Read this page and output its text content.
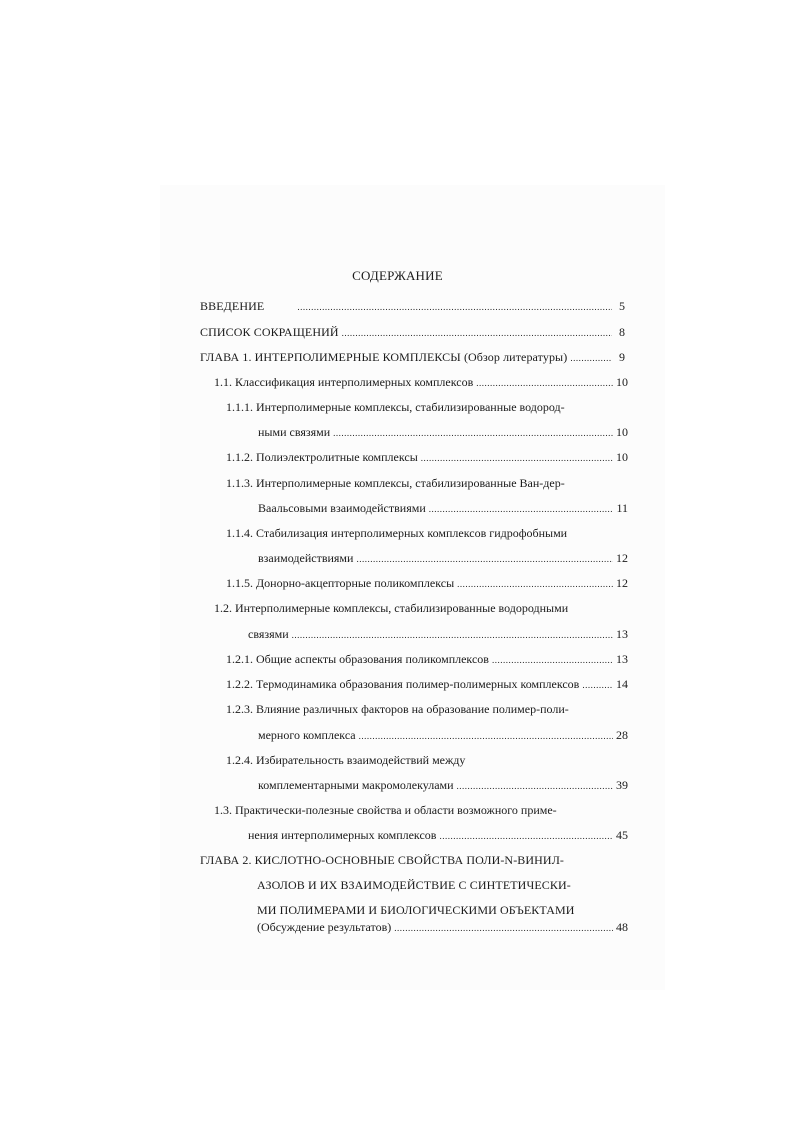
СОДЕРЖАНИЕ
ВВЕДЕНИЕ .....	5
СПИСОК СОКРАЩЕНИЙ .....	8
ГЛАВА 1. ИНТЕРПОЛИМЕРНЫЕ КОМПЛЕКСЫ (Обзор литературы) .....	9
1.1. Классификация интерполимерных комплексов .....	10
1.1.1. Интерполимерные комплексы, стабилизированные водород-
ными связями .....	10
1.1.2. Полиэлектролитные комплексы .....	10
1.1.3. Интерполимерные комплексы, стабилизированные Ван-дер-
Ваальсовыми взаимодействиями .....	11
1.1.4. Стабилизация интерполимерных комплексов гидрофобными
взаимодействиями .....	12
1.1.5. Донорно-акцепторные поликомплексы .....	12
1.2. Интерполимерные комплексы, стабилизированные водородными
связями .....	13
1.2.1. Общие аспекты образования поликомплексов .....	13
1.2.2. Термодинамика образования полимер-полимерных комплексов .....	14
1.2.3. Влияние различных факторов на образование полимер-поли-
мерного комплекса .....	28
1.2.4. Избирательность взаимодействий между
комплементарными макромолекулами .....	39
1.3. Практически-полезные свойства и области возможного приме-
нения интерполимерных комплексов .....	45
ГЛАВА 2. КИСЛОТНО-ОСНОВНЫЕ СВОЙСТВА ПОЛИ-N-ВИНИЛ-
АЗОЛОВ И ИХ ВЗАИМОДЕЙСТВИЕ С СИНТЕТИЧЕСКИ-
МИ ПОЛИМЕРАМИ И БИОЛОГИЧЕСКИМИ ОБЪЕКТАМИ
(Обсуждение результатов) .....	48
